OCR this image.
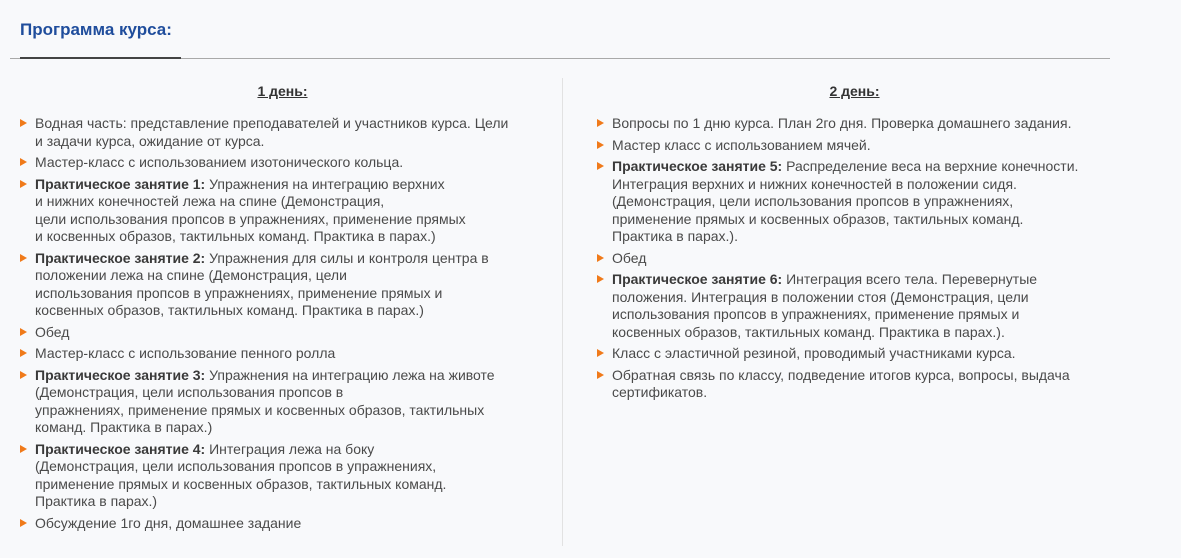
Программа курса:
1 день:
Водная часть: представление преподавателей и участников курса. Цели
и задачи курса, ожидание от курса.
Мастер-класс с использованием изотонического кольца.
Практическое занятие 1: Упражнения на интеграцию верхних
и нижних конечностей лежа на спине (Демонстрация,
цели использования пропсов в упражнениях, применение прямых
и косвенных образов, тактильных команд. Практика в парах.)
Практическое занятие 2: Упражнения для силы и контроля центра в
положении лежа на спине (Демонстрация, цели
использования пропсов в упражнениях, применение прямых и
косвенных образов, тактильных команд. Практика в парах.)
Обед
Мастер-класс с использование пенного ролла
Практическое занятие 3: Упражнения на интеграцию лежа на животе
(Демонстрация, цели использования пропсов в
упражнениях, применение прямых и косвенных образов, тактильных
команд. Практика в парах.)
Практическое занятие 4: Интеграция лежа на боку
(Демонстрация, цели использования пропсов в упражнениях,
применение прямых и косвенных образов, тактильных команд.
Практика в парах.)
Обсуждение 1го дня, домашнее задание
2 день:
Вопросы по 1 дню курса. План 2го дня. Проверка домашнего задания.
Мастер класс с использованием мячей.
Практическое занятие 5: Распределение веса на верхние конечности.
Интеграция верхних и нижних конечностей в положении сидя.
(Демонстрация, цели использования пропсов в упражнениях,
применение прямых и косвенных образов, тактильных команд.
Практика в парах.).
Обед
Практическое занятие 6: Интеграция всего тела. Перевернутые
положения. Интеграция в положении стоя (Демонстрация, цели
использования пропсов в упражнениях, применение прямых и
косвенных образов, тактильных команд. Практика в парах.).
Класс с эластичной резиной, проводимый участниками курса.
Обратная связь по классу, подведение итогов курса, вопросы, выдача
сертификатов.
